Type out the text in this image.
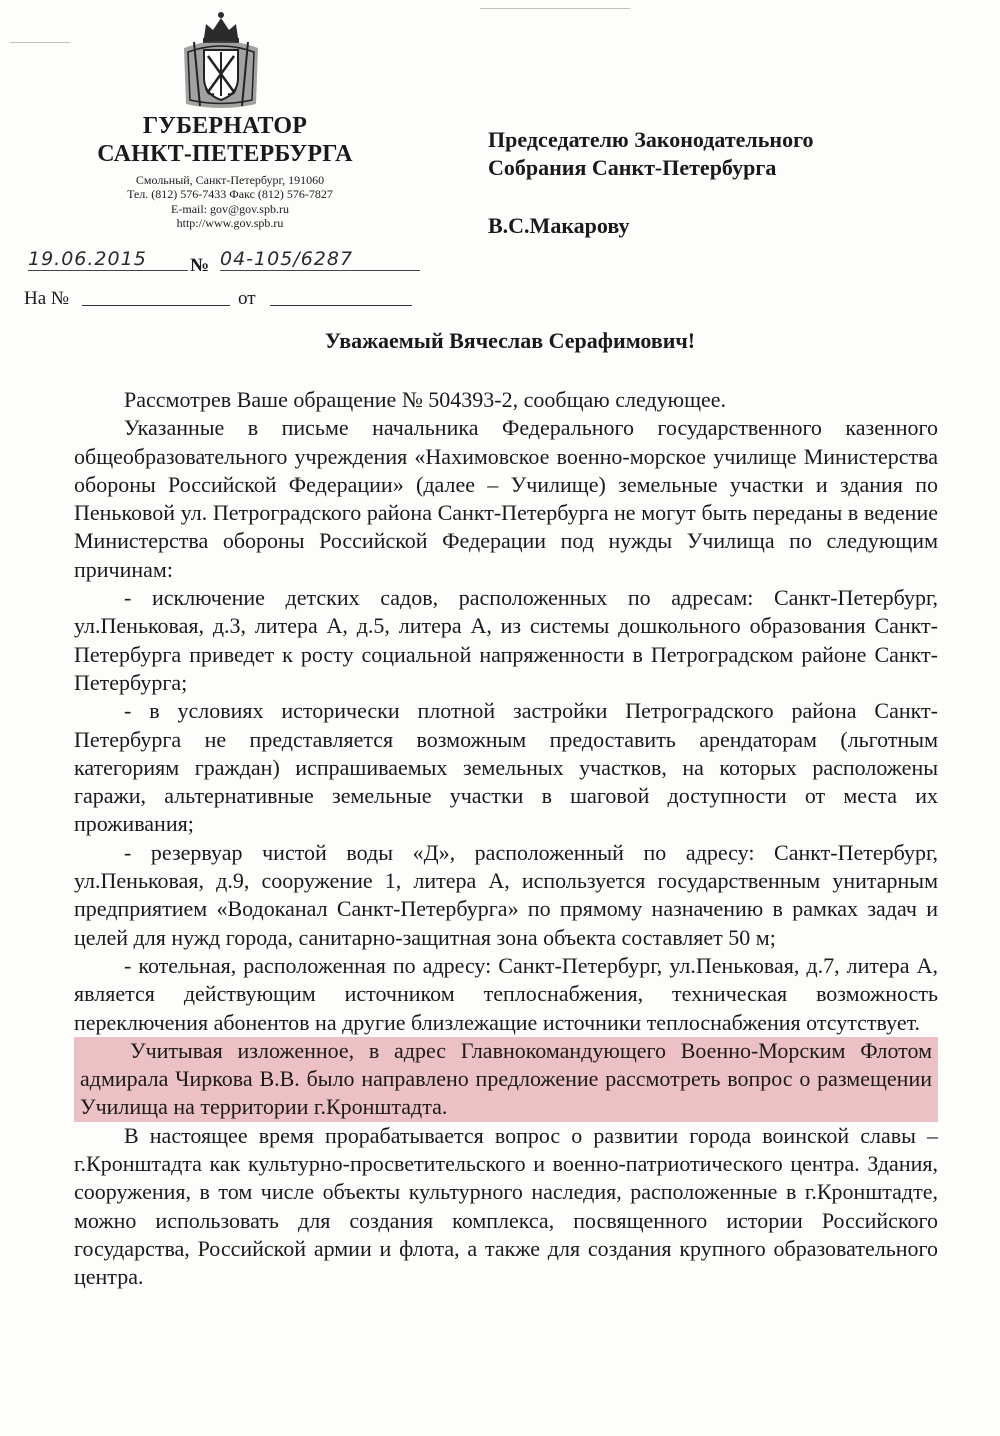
ГУБЕРНАТОР
САНКТ-ПЕТЕРБУРГА
Смольный, Санкт-Петербург, 191060
Тел. (812) 576-7433 Факс (812) 576-7827
E-mail: gov@gov.spb.ru
http://www.gov.spb.ru
19.06.2015	№ 04-105/6287
На №	от
Председателю Законодательного
Собрания Санкт-Петербурга
В.С.Макарову
Уважаемый Вячеслав Серафимович!

Рассмотрев Ваше обращение № 504393-2, сообщаю следующее.

Указанные в письме начальника Федерального государственного казенного общеобразовательного учреждения «Нахимовское военно-морское училище Министерства обороны Российской Федерации» (далее – Училище) земельные участки и здания по Пеньковой ул. Петроградского района Санкт-Петербурга не могут быть переданы в ведение Министерства обороны Российской Федерации под нужды Училища по следующим причинам:

- исключение детских садов, расположенных по адресам: Санкт-Петербург, ул.Пеньковая, д.3, литера А, д.5, литера А, из системы дошкольного образования Санкт-Петербурга приведет к росту социальной напряженности в Петроградском районе Санкт-Петербурга;

- в условиях исторически плотной застройки Петроградского района Санкт-Петербурга не представляется возможным предоставить арендаторам (льготным категориям граждан) испрашиваемых земельных участков, на которых расположены гаражи, альтернативные земельные участки в шаговой доступности от места их проживания;

- резервуар чистой воды «Д», расположенный по адресу: Санкт-Петербург, ул.Пеньковая, д.9, сооружение 1, литера А, используется государственным унитарным предприятием «Водоканал Санкт-Петербурга» по прямому назначению в рамках задач и целей для нужд города, санитарно-защитная зона объекта составляет 50 м;

- котельная, расположенная по адресу: Санкт-Петербург, ул.Пеньковая, д.7, литера А, является действующим источником теплоснабжения, техническая возможность переключения абонентов на другие близлежащие источники теплоснабжения отсутствует.

Учитывая изложенное, в адрес Главнокомандующего Военно-Морским Флотом адмирала Чиркова В.В. было направлено предложение рассмотреть вопрос о размещении Училища на территории г.Кронштадта.

В настоящее время прорабатывается вопрос о развитии города воинской славы – г.Кронштадта как культурно-просветительского и военно-патриотического центра. Здания, сооружения, в том числе объекты культурного наследия, расположенные в г.Кронштадте, можно использовать для создания комплекса, посвященного истории Российского государства, Российской армии и флота, а также для создания крупного образовательного центра.
